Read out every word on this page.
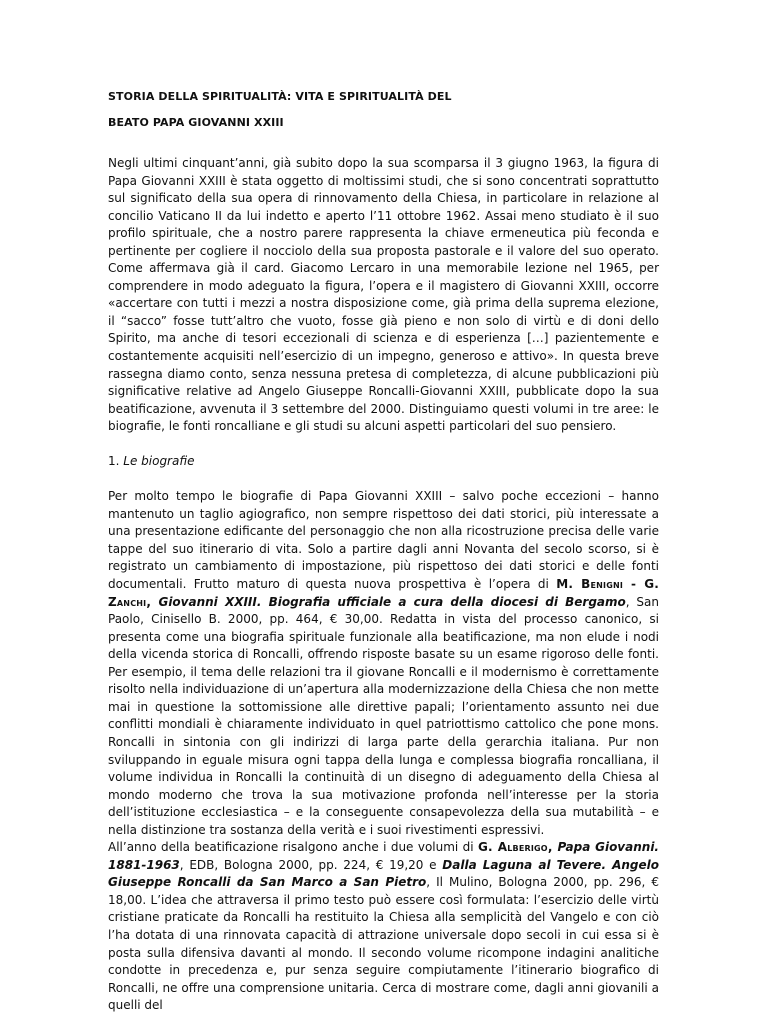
STORIA DELLA SPIRITUALITÀ: VITA E SPIRITUALITÀ DEL

BEATO PAPA GIOVANNI XXIII

Negli ultimi cinquant’anni, già subito dopo la sua scomparsa il 3 giugno 1963, la figura di Papa Giovanni XXIII è stata oggetto di moltissimi studi, che si sono concentrati soprattutto sul significato della sua opera di rinnovamento della Chiesa, in particolare in relazione al concilio Vaticano II da lui indetto e aperto l’11 ottobre 1962. Assai meno studiato è il suo profilo spirituale, che a nostro parere rappresenta la chiave ermeneutica più feconda e pertinente per cogliere il nocciolo della sua proposta pastorale e il valore del suo operato. Come affermava già il card. Giacomo Lercaro in una memorabile lezione nel 1965, per comprendere in modo adeguato la figura, l’opera e il magistero di Giovanni XXIII, occorre «accertare con tutti i mezzi a nostra disposizione come, già prima della suprema elezione, il “sacco” fosse tutt’altro che vuoto, fosse già pieno e non solo di virtù e di doni dello Spirito, ma anche di tesori eccezionali di scienza e di esperienza […] pazientemente e costantemente acquisiti nell’esercizio di un impegno, generoso e attivo». In questa breve rassegna diamo conto, senza nessuna pretesa di completezza, di alcune pubblicazioni più significative relative ad Angelo Giuseppe Roncalli-Giovanni XXIII, pubblicate dopo la sua beatificazione, avvenuta il 3 settembre del 2000. Distinguiamo questi volumi in tre aree: le biografie, le fonti roncalliane e gli studi su alcuni aspetti particolari del suo pensiero.

1. Le biografie

Per molto tempo le biografie di Papa Giovanni XXIII – salvo poche eccezioni – hanno mantenuto un taglio agiografico, non sempre rispettoso dei dati storici, più interessate a una presentazione edificante del personaggio che non alla ricostruzione precisa delle varie tappe del suo itinerario di vita. Solo a partire dagli anni Novanta del secolo scorso, si è registrato un cambiamento di impostazione, più rispettoso dei dati storici e delle fonti documentali. Frutto maturo di questa nuova prospettiva è l’opera di M. Benigni - G. Zanchi, Giovanni XXIII. Biografia ufficiale a cura della diocesi di Bergamo, San Paolo, Cinisello B. 2000, pp. 464, € 30,00. Redatta in vista del processo canonico, si presenta come una biografia spirituale funzionale alla beatificazione, ma non elude i nodi della vicenda storica di Roncalli, offrendo risposte basate su un esame rigoroso delle fonti. Per esempio, il tema delle relazioni tra il giovane Roncalli e il modernismo è correttamente risolto nella individuazione di un’apertura alla modernizzazione della Chiesa che non mette mai in questione la sottomissione alle direttive papali; l’orientamento assunto nei due conflitti mondiali è chiaramente individuato in quel patriottismo cattolico che pone mons. Roncalli in sintonia con gli indirizzi di larga parte della gerarchia italiana. Pur non sviluppando in eguale misura ogni tappa della lunga e complessa biografia roncalliana, il volume individua in Roncalli la continuità di un disegno di adeguamento della Chiesa al mondo moderno che trova la sua motivazione profonda nell’interesse per la storia dell’istituzione ecclesiastica – e la conseguente consapevolezza della sua mutabilità – e nella distinzione tra sostanza della verità e i suoi rivestimenti espressivi.

All’anno della beatificazione risalgono anche i due volumi di G. Alberigo, Papa Giovanni. 1881-1963, EDB, Bologna 2000, pp. 224, € 19,20 e Dalla Laguna al Tevere. Angelo Giuseppe Roncalli da San Marco a San Pietro, Il Mulino, Bologna 2000, pp. 296, € 18,00. L’idea che attraversa il primo testo può essere così formulata: l’esercizio delle virtù cristiane praticate da Roncalli ha restituito la Chiesa alla semplicità del Vangelo e con ciò l’ha dotata di una rinnovata capacità di attrazione universale dopo secoli in cui essa si è posta sulla difensiva davanti al mondo. Il secondo volume ricompone indagini analitiche condotte in precedenza e, pur senza seguire compiutamente l’itinerario biografico di Roncalli, ne offre una comprensione unitaria. Cerca di mostrare come, dagli anni giovanili a quelli del
